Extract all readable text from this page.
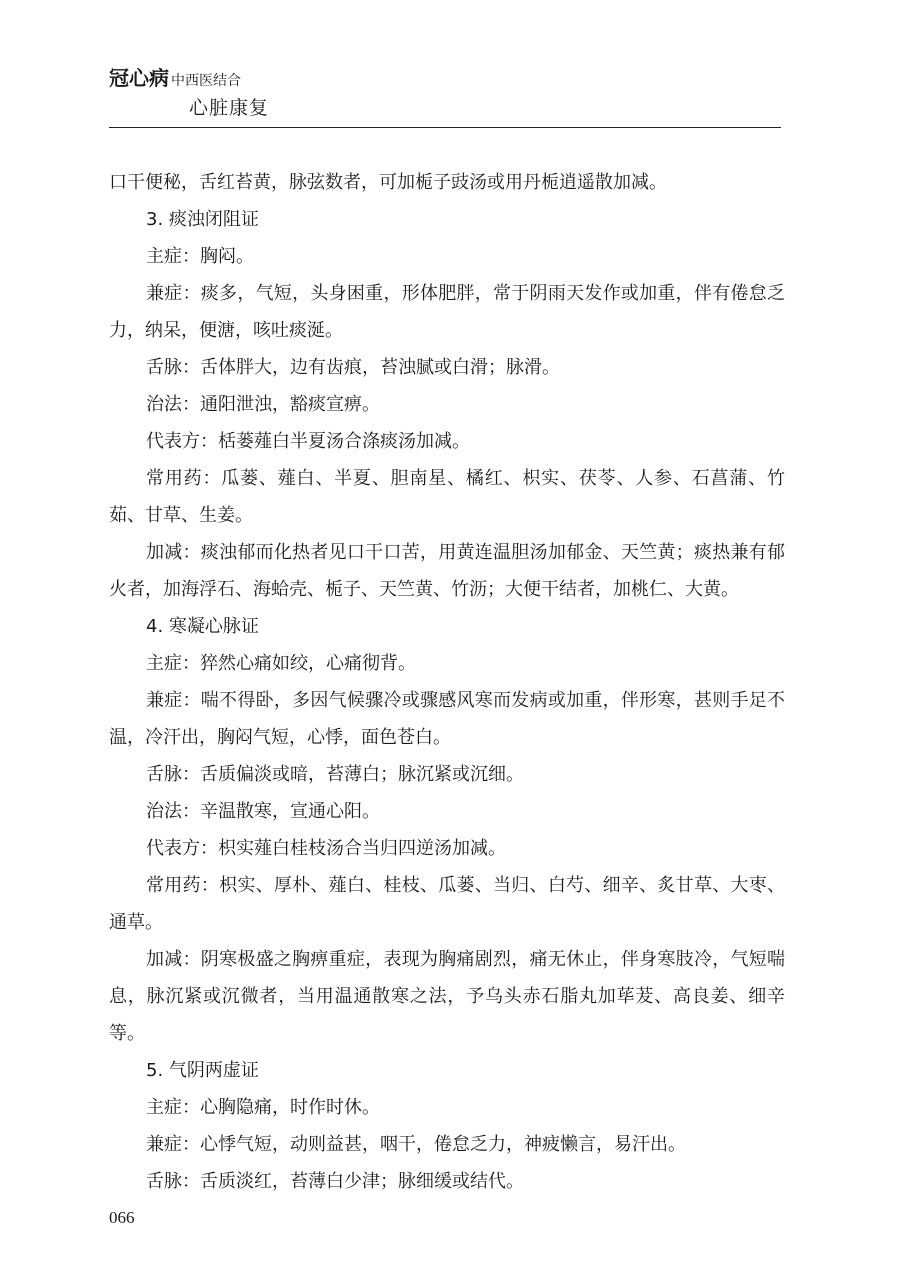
冠心病 中西医结合
心脏康复

口干便秘，舌红苔黄，脉弦数者，可加栀子豉汤或用丹栀逍遥散加减。

3. 痰浊闭阻证

主症：胸闷。

兼症：痰多，气短，头身困重，形体肥胖，常于阴雨天发作或加重，伴有倦怠乏力，纳呆，便溏，咳吐痰涎。

舌脉：舌体胖大，边有齿痕，苔浊腻或白滑；脉滑。

治法：通阳泄浊，豁痰宣痹。

代表方：栝蒌薤白半夏汤合涤痰汤加减。

常用药：瓜蒌、薤白、半夏、胆南星、橘红、枳实、茯苓、人参、石菖蒲、竹茹、甘草、生姜。

加减：痰浊郁而化热者见口干口苦，用黄连温胆汤加郁金、天竺黄；痰热兼有郁火者，加海浮石、海蛤壳、栀子、天竺黄、竹沥；大便干结者，加桃仁、大黄。

4. 寒凝心脉证

主症：猝然心痛如绞，心痛彻背。

兼症：喘不得卧，多因气候骤冷或骤感风寒而发病或加重，伴形寒，甚则手足不温，冷汗出，胸闷气短，心悸，面色苍白。

舌脉：舌质偏淡或暗，苔薄白；脉沉紧或沉细。

治法：辛温散寒，宣通心阳。

代表方：枳实薤白桂枝汤合当归四逆汤加减。

常用药：枳实、厚朴、薤白、桂枝、瓜蒌、当归、白芍、细辛、炙甘草、大枣、通草。

加减：阴寒极盛之胸痹重症，表现为胸痛剧烈，痛无休止，伴身寒肢冷，气短喘息，脉沉紧或沉微者，当用温通散寒之法，予乌头赤石脂丸加荜茇、高良姜、细辛等。

5. 气阴两虚证

主症：心胸隐痛，时作时休。

兼症：心悸气短，动则益甚，咽干，倦怠乏力，神疲懒言，易汗出。

舌脉：舌质淡红，苔薄白少津；脉细缓或结代。

066
